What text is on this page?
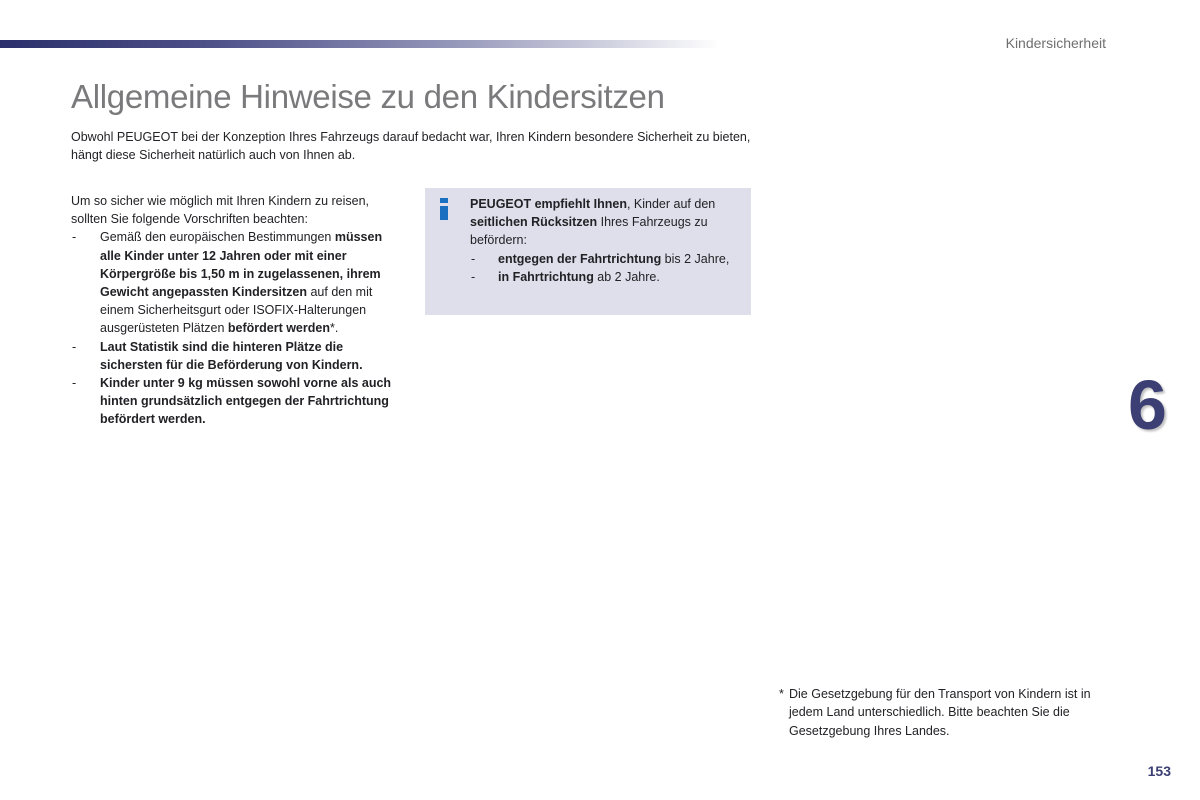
Kindersicherheit
Allgemeine Hinweise zu den Kindersitzen

Obwohl PEUGEOT bei der Konzeption Ihres Fahrzeugs darauf bedacht war, Ihren Kindern besondere Sicherheit zu bieten, hängt diese Sicherheit natürlich auch von Ihnen ab.

Um so sicher wie möglich mit Ihren Kindern zu reisen, sollten Sie folgende Vorschriften beachten:

- Gemäß den europäischen Bestimmungen müssen alle Kinder unter 12 Jahren oder mit einer Körpergröße bis 1,50 m in zugelassenen, ihrem Gewicht angepassten Kindersitzen auf den mit einem Sicherheitsgurt oder ISOFIX-Halterungen ausgerüsteten Plätzen befördert werden*.
- Laut Statistik sind die hinteren Plätze die sichersten für die Beförderung von Kindern.
- Kinder unter 9 kg müssen sowohl vorne als auch hinten grundsätzlich entgegen der Fahrtrichtung befördert werden.

PEUGEOT empfiehlt Ihnen, Kinder auf den seitlichen Rücksitzen Ihres Fahrzeugs zu befördern:

- entgegen der Fahrtrichtung bis 2 Jahre,
- in Fahrtrichtung ab 2 Jahre.
6
* Die Gesetzgebung für den Transport von Kindern ist in jedem Land unterschiedlich. Bitte beachten Sie die Gesetzgebung Ihres Landes.
153
